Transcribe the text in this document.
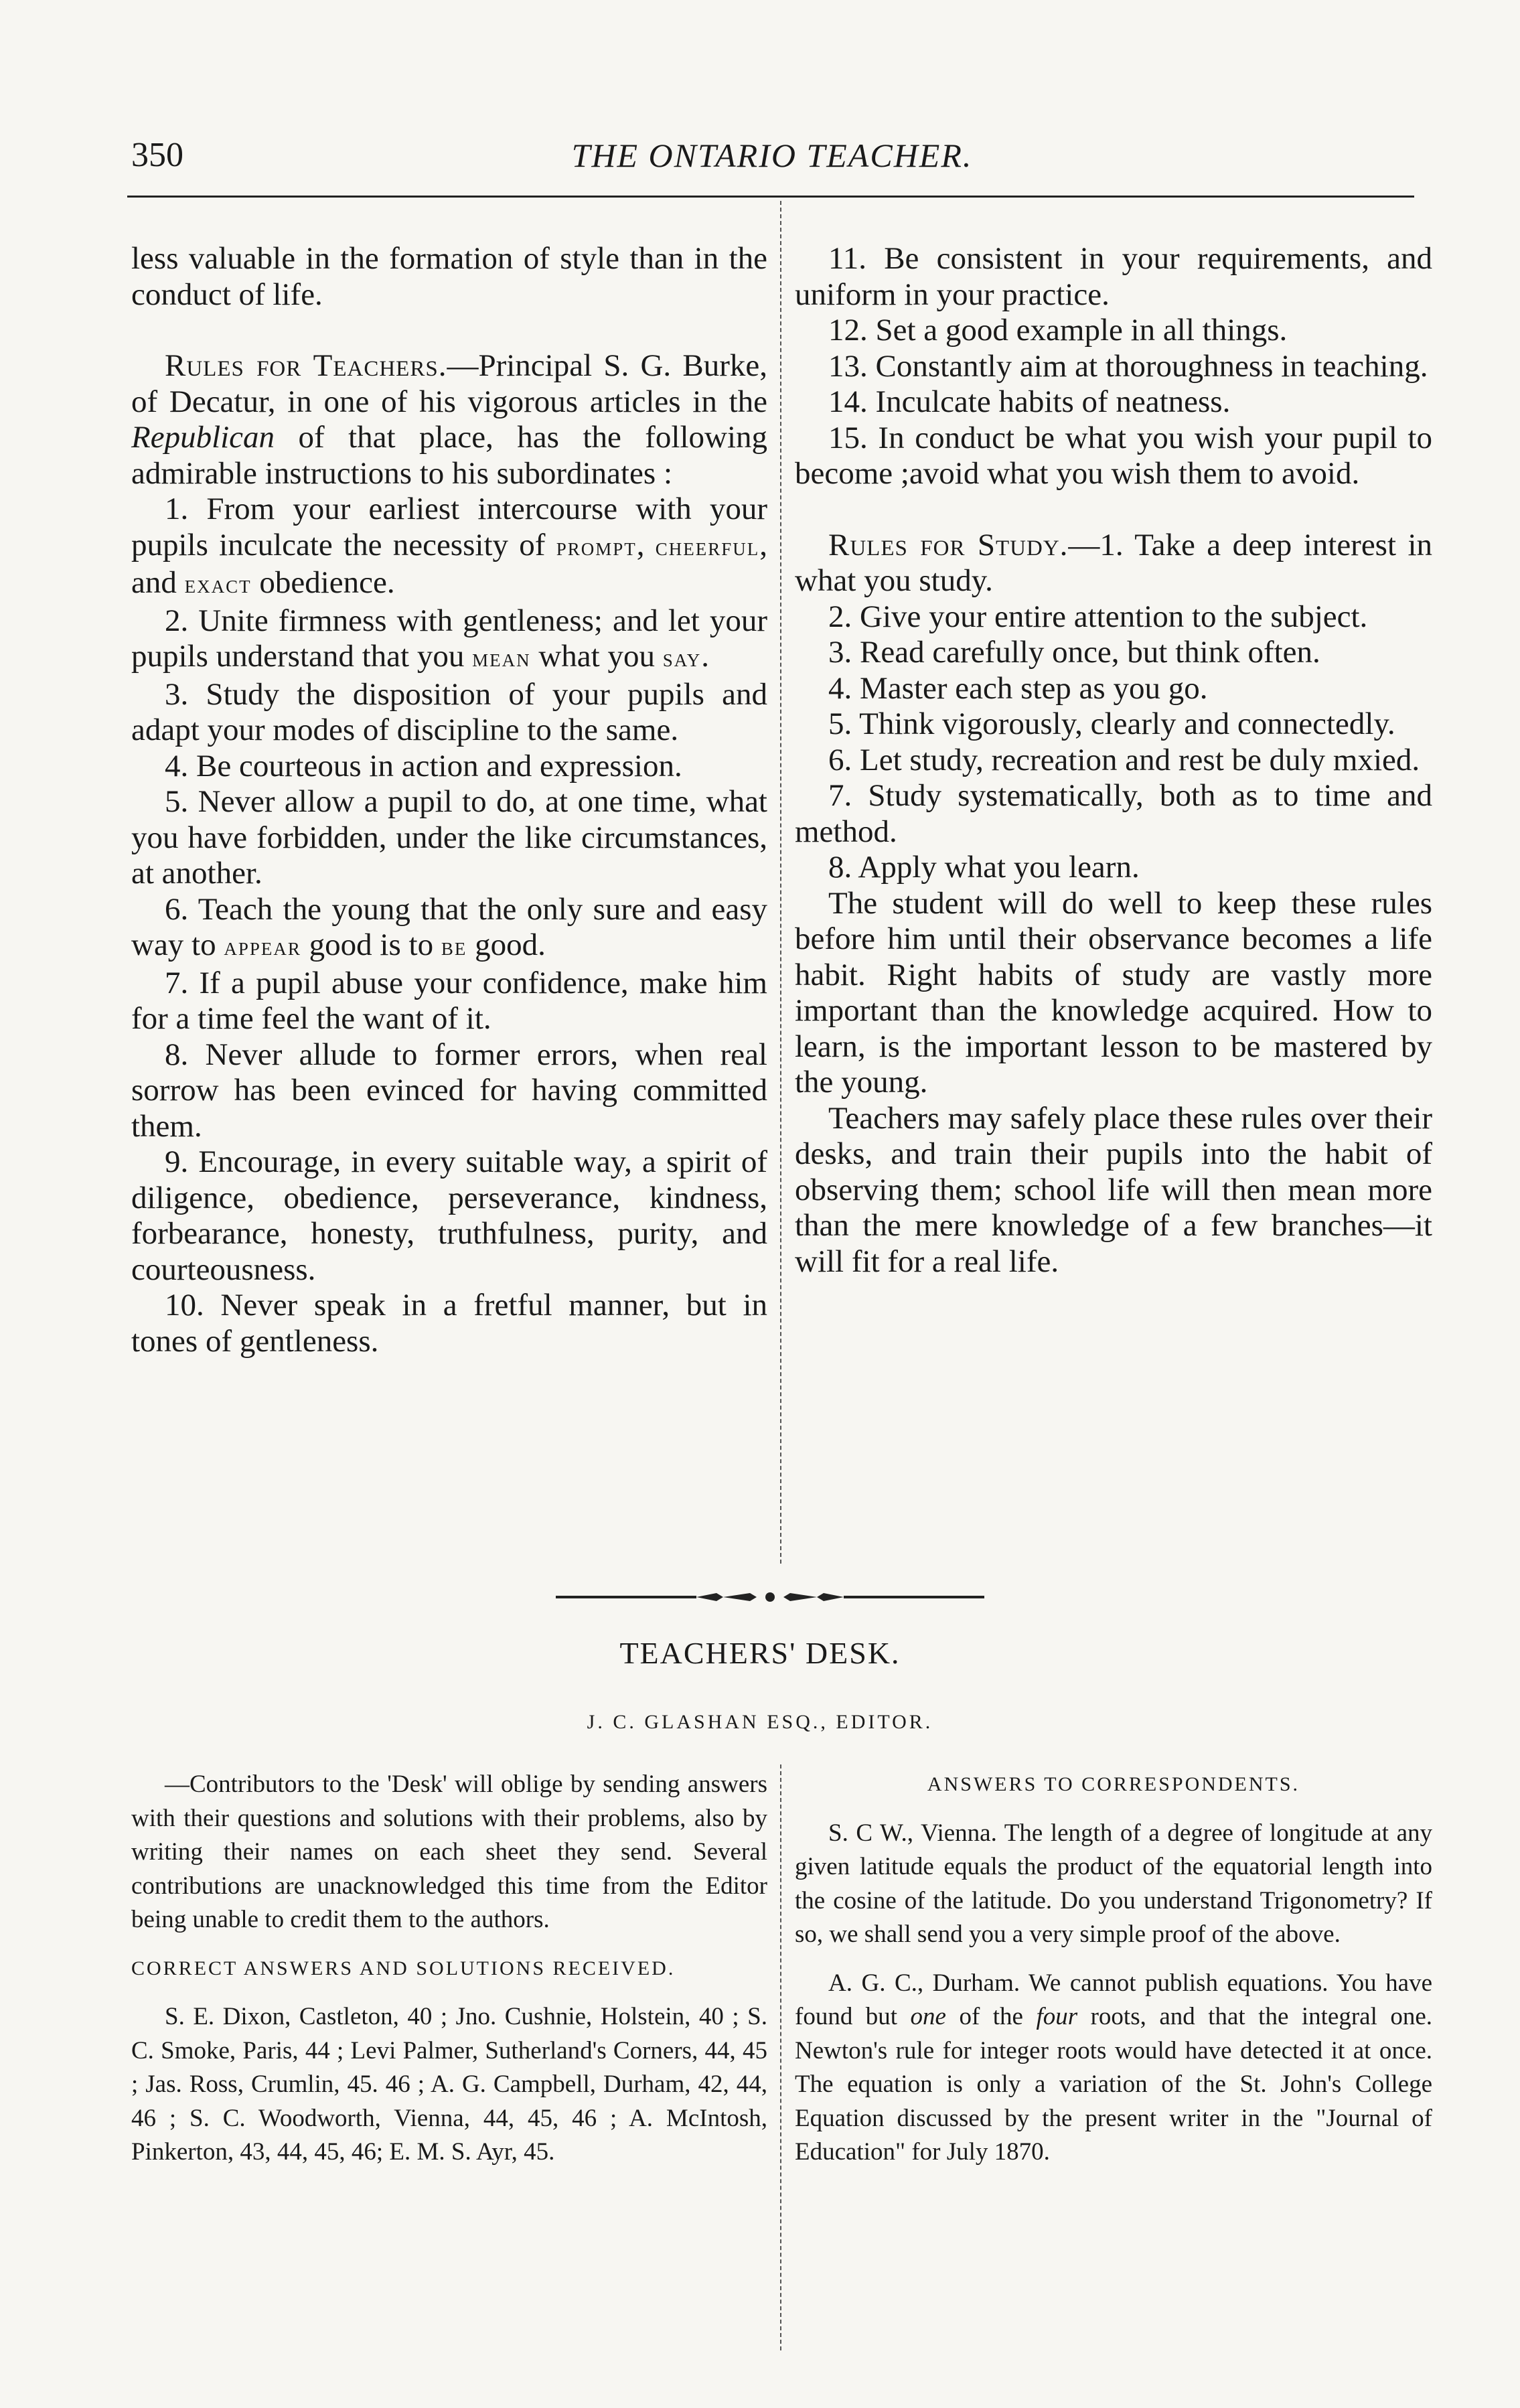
350	THE ONTARIO TEACHER.

less valuable in the formation of style than in the conduct of life.

Rules for Teachers.—Principal S. G. Burke, of Decatur, in one of his vigorous articles in the Republican of that place, has the following admirable instructions to his subordinates :

1. From your earliest intercourse with your pupils inculcate the necessity of prompt, cheerful, and exact obedience.

2. Unite firmness with gentleness; and let your pupils understand that you mean what you say.

3. Study the disposition of your pupils and adapt your modes of discipline to the same.

4. Be courteous in action and expression.

5. Never allow a pupil to do, at one time, what you have forbidden, under the like circumstances, at another.

6. Teach the young that the only sure and easy way to appear good is to be good.

7. If a pupil abuse your confidence, make him for a time feel the want of it.

8. Never allude to former errors, when real sorrow has been evinced for having committed them.

9. Encourage, in every suitable way, a spirit of diligence, obedience, perseverance, kindness, forbearance, honesty, truthfulness, purity, and courteousness.

10. Never speak in a fretful manner, but in tones of gentleness.

11. Be consistent in your requirements, and uniform in your practice.

12. Set a good example in all things.

13. Constantly aim at thoroughness in teaching.

14. Inculcate habits of neatness.

15. In conduct be what you wish your pupil to become ;avoid what you wish them to avoid.

Rules for Study.—1. Take a deep interest in what you study.

2. Give your entire attention to the subject.

3. Read carefully once, but think often.

4. Master each step as you go.

5. Think vigorously, clearly and connectedly.

6. Let study, recreation and rest be duly mxied.

7. Study systematically, both as to time and method.

8. Apply what you learn.

The student will do well to keep these rules before him until their observance becomes a life habit. Right habits of study are vastly more important than the knowledge acquired. How to learn, is the important lesson to be mastered by the young.

Teachers may safely place these rules over their desks, and train their pupils into the habit of observing them; school life will then mean more than the mere knowledge of a few branches—it will fit for a real life.

TEACHERS' DESK.
J. C. GLASHAN ESQ., EDITOR.

—Contributors to the 'Desk' will oblige by sending answers with their questions and solutions with their problems, also by writing their names on each sheet they send. Several contributions are unacknowledged this time from the Editor being unable to credit them to the authors.

CORRECT ANSWERS AND SOLUTIONS RECEIVED.

S. E. Dixon, Castleton, 40 ; Jno. Cushnie, Holstein, 40 ; S. C. Smoke, Paris, 44 ; Levi Palmer, Sutherland's Corners, 44, 45 ; Jas. Ross, Crumlin, 45. 46 ; A. G. Campbell, Durham, 42, 44, 46 ; S. C. Woodworth, Vienna, 44, 45, 46 ; A. McIntosh, Pinkerton, 43, 44, 45, 46; E. M. S. Ayr, 45.

ANSWERS TO CORRESPONDENTS.

S. C W., Vienna. The length of a degree of longitude at any given latitude equals the product of the equatorial length into the cosine of the latitude. Do you understand Trigonometry? If so, we shall send you a very simple proof of the above.

A. G. C., Durham. We cannot publish equations. You have found but one of the four roots, and that the integral one. Newton's rule for integer roots would have detected it at once. The equation is only a variation of the St. John's College Equation discussed by the present writer in the "Journal of Education" for July 1870.
